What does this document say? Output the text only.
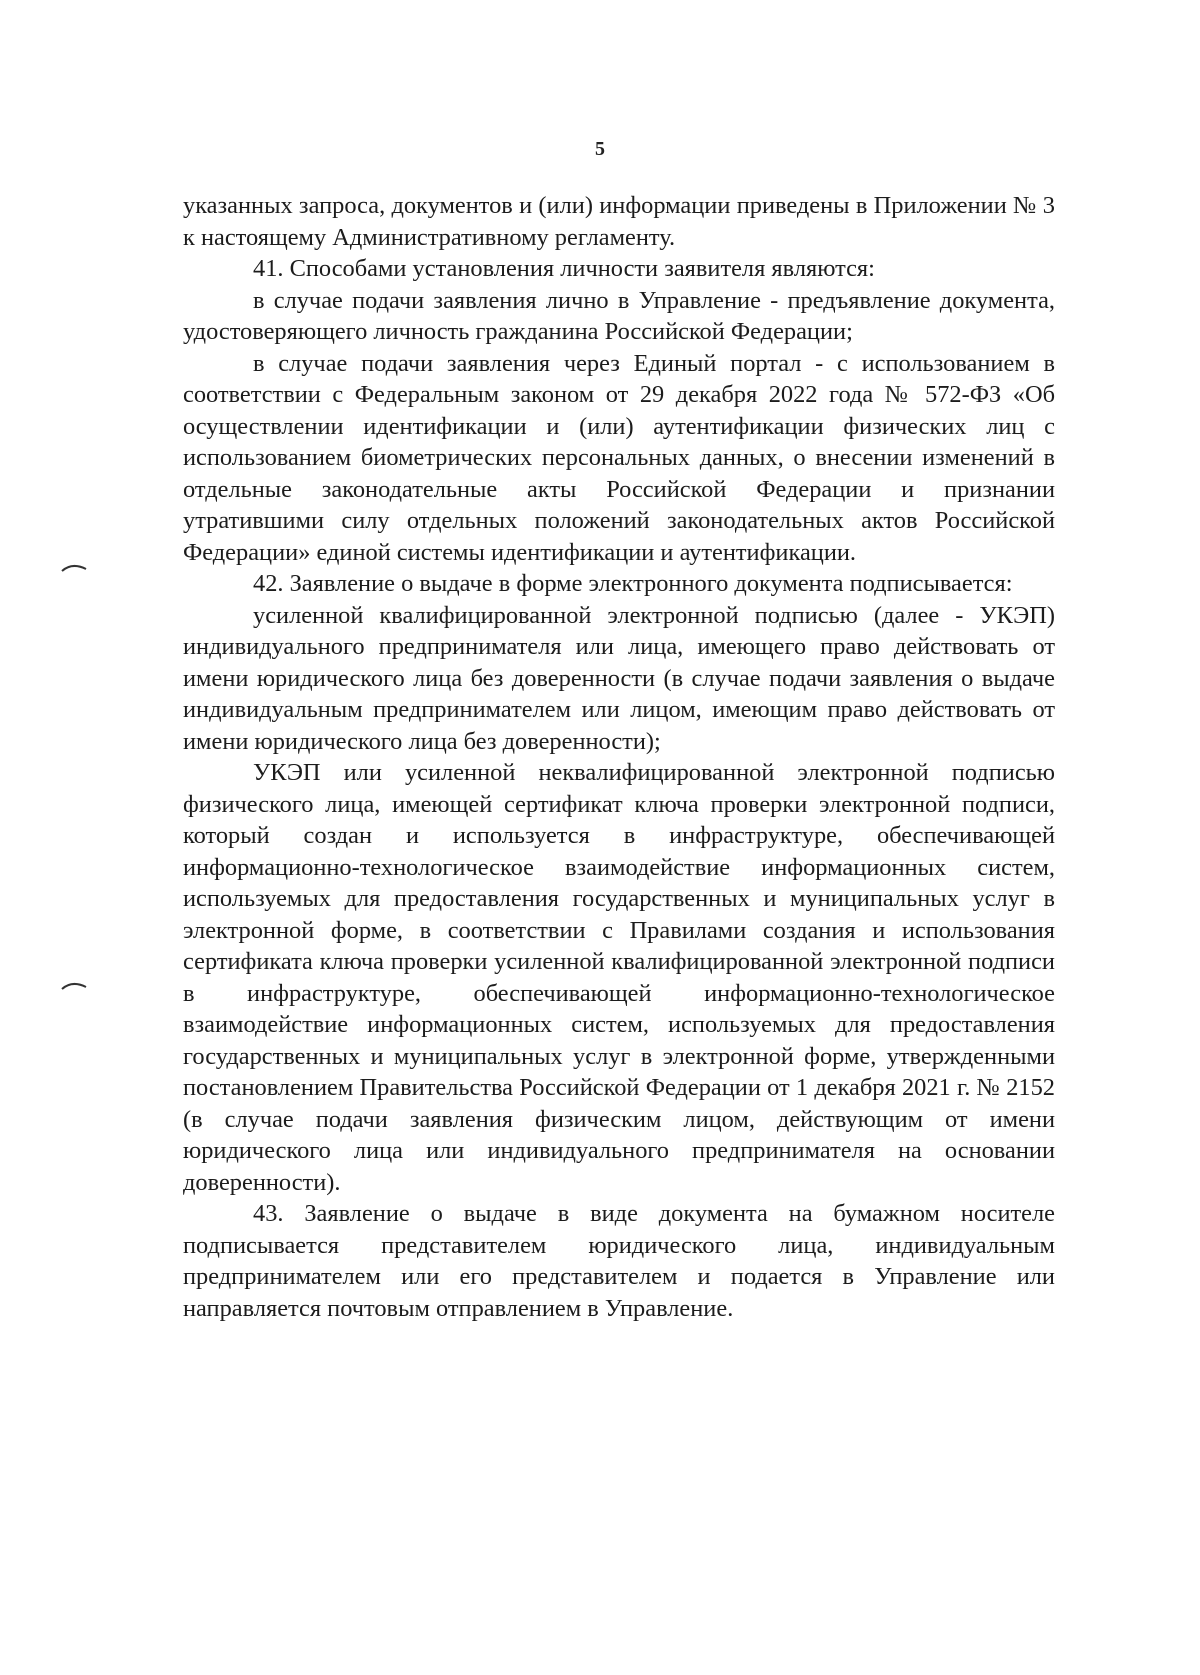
5

указанных запроса, документов и (или) информации приведены в Приложении № 3 к настоящему Административному регламенту.

41. Способами установления личности заявителя являются:

в случае подачи заявления лично в Управление - предъявление документа, удостоверяющего личность гражданина Российской Федерации;

в случае подачи заявления через Единый портал - с использованием в соответствии с Федеральным законом от 29 декабря 2022 года № 572-ФЗ «Об осуществлении идентификации и (или) аутентификации физических лиц с использованием биометрических персональных данных, о внесении изменений в отдельные законодательные акты Российской Федерации и признании утратившими силу отдельных положений законодательных актов Российской Федерации» единой системы идентификации и аутентификации.

42. Заявление о выдаче в форме электронного документа подписывается:

усиленной квалифицированной электронной подписью (далее - УКЭП) индивидуального предпринимателя или лица, имеющего право действовать от имени юридического лица без доверенности (в случае подачи заявления о выдаче индивидуальным предпринимателем или лицом, имеющим право действовать от имени юридического лица без доверенности);

УКЭП или усиленной неквалифицированной электронной подписью физического лица, имеющей сертификат ключа проверки электронной подписи, который создан и используется в инфраструктуре, обеспечивающей информационно-технологическое взаимодействие информационных систем, используемых для предоставления государственных и муниципальных услуг в электронной форме, в соответствии с Правилами создания и использования сертификата ключа проверки усиленной квалифицированной электронной подписи в инфраструктуре, обеспечивающей информационно-технологическое взаимодействие информационных систем, используемых для предоставления государственных и муниципальных услуг в электронной форме, утвержденными постановлением Правительства Российской Федерации от 1 декабря 2021 г. № 2152 (в случае подачи заявления физическим лицом, действующим от имени юридического лица или индивидуального предпринимателя на основании доверенности).

43. Заявление о выдаче в виде документа на бумажном носителе подписывается представителем юридического лица, индивидуальным предпринимателем или его представителем и подается в Управление или направляется почтовым отправлением в Управление.
